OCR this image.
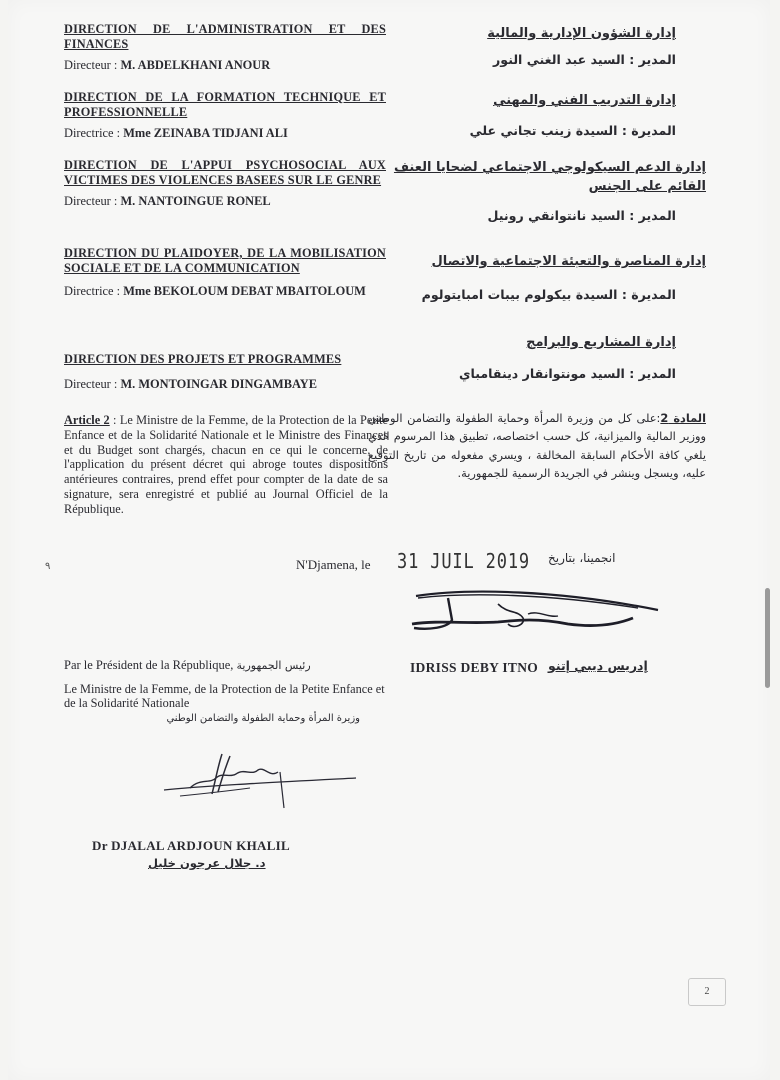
DIRECTION DE L'ADMINISTRATION ET DES FINANCES
Directeur : M. ABDELKHANI ANOUR
DIRECTION DE LA FORMATION TECHNIQUE ET PROFESSIONNELLE
Directrice : Mme ZEINABA TIDJANI ALI
DIRECTION DE L'APPUI PSYCHOSOCIAL AUX VICTIMES DES VIOLENCES BASEES SUR LE GENRE
Directeur : M. NANTOINGUE RONEL
DIRECTION DU PLAIDOYER, DE LA MOBILISATION SOCIALE ET DE LA COMMUNICATION
Directrice : Mme BEKOLOUM DEBAT MBAITOLOUM
DIRECTION DES PROJETS ET PROGRAMMES
Directeur : M. MONTOINGAR DINGAMBAYE
إدارة الشؤون الإدارية والمالية
المدير : السيد عبد الغني النور
إدارة التدريب الفني والمهني
المديرة : السيدة زينب تجاني علي
إدارة الدعم السيكولوجي الاجتماعي لضحايا العنف القائم على الجنس
المدير : السيد نانتوانقي رونيل
إدارة المناصرة والتعبئة الاجتماعية والاتصال
المديرة : السيدة بيكولوم بيبات امبايتولوم
إدارة المشاريع والبرامج
المدير : السيد مونتوانقار دينقامباي
Article 2 : Le Ministre de la Femme, de la Protection de la Petite Enfance et de la Solidarité Nationale et le Ministre des Finances et du Budget sont chargés, chacun en ce qui le concerne, de l'application du présent décret qui abroge toutes dispositions antérieures contraires, prend effet pour compter de la date de sa signature, sera enregistré et publié au Journal Officiel de la République.
المادة 2:على كل من وزيرة المرأة وحماية الطفولة والتضامن الوطني ووزير المالية والميزانية، كل حسب اختصاصه، تطبيق هذا المرسوم الذي يلغي كافة الأحكام السابقة المخالفة ، ويسري مفعوله من تاريخ التوقيع عليه، ويسجل وينشر في الجريدة الرسمية للجمهورية.
٩	N'Djamena, le 31 JUIL 2019 انجمينا، بتاريخ
IDRISS DEBY ITNO إدريس ديبي إتنو
Par le Président de la République, رئيس الجمهورية
Le Ministre de la Femme, de la Protection de la Petite Enfance et de la Solidarité Nationale
وزيرة المرأة وحماية الطفولة والتضامن الوطني
Dr DJALAL ARDJOUN KHALIL
د. جلال عرجون خليل
2
